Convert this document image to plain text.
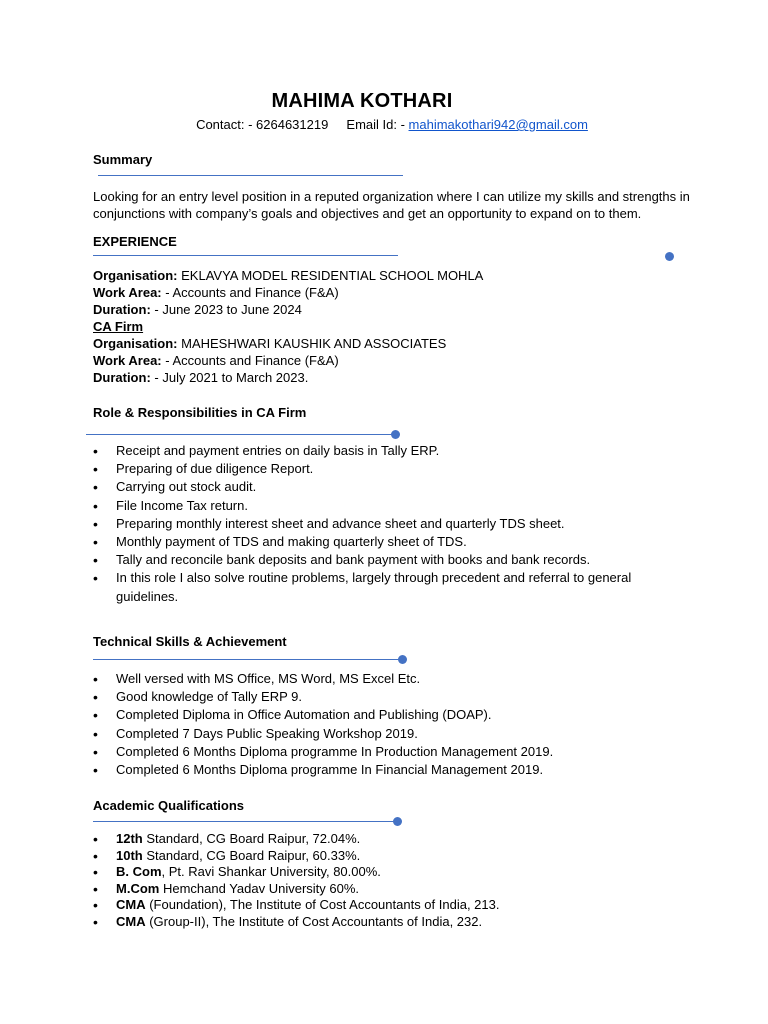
MAHIMA KOTHARI
Contact: - 6264631219 Email Id: - mahimakothari942@gmail.com
Summary
Looking for an entry level position in a reputed organization where I can utilize my skills and strengths in conjunctions with company’s goals and objectives and get an opportunity to expand on to them.
EXPERIENCE
Organisation: EKLAVYA MODEL RESIDENTIAL SCHOOL MOHLA
Work Area: - Accounts and Finance (F&A)
Duration: - June 2023 to June 2024
CA Firm
Organisation: MAHESHWARI KAUSHIK AND ASSOCIATES
Work Area: - Accounts and Finance (F&A)
Duration: - July 2021 to March 2023.
Role & Responsibilities in CA Firm
• Receipt and payment entries on daily basis in Tally ERP.
• Preparing of due diligence Report.
• Carrying out stock audit.
• File Income Tax return.
• Preparing monthly interest sheet and advance sheet and quarterly TDS sheet.
• Monthly payment of TDS and making quarterly sheet of TDS.
• Tally and reconcile bank deposits and bank payment with books and bank records.
• In this role I also solve routine problems, largely through precedent and referral to general guidelines.
Technical Skills & Achievement
• Well versed with MS Office, MS Word, MS Excel Etc.
• Good knowledge of Tally ERP 9.
• Completed Diploma in Office Automation and Publishing (DOAP).
• Completed 7 Days Public Speaking Workshop 2019.
• Completed 6 Months Diploma programme In Production Management 2019.
• Completed 6 Months Diploma programme In Financial Management 2019.
Academic Qualifications
• 12th Standard, CG Board Raipur, 72.04%.
• 10th Standard, CG Board Raipur, 60.33%.
• B. Com, Pt. Ravi Shankar University, 80.00%.
• M.Com Hemchand Yadav University 60%.
• CMA (Foundation), The Institute of Cost Accountants of India, 213.
• CMA (Group-II), The Institute of Cost Accountants of India, 232.
